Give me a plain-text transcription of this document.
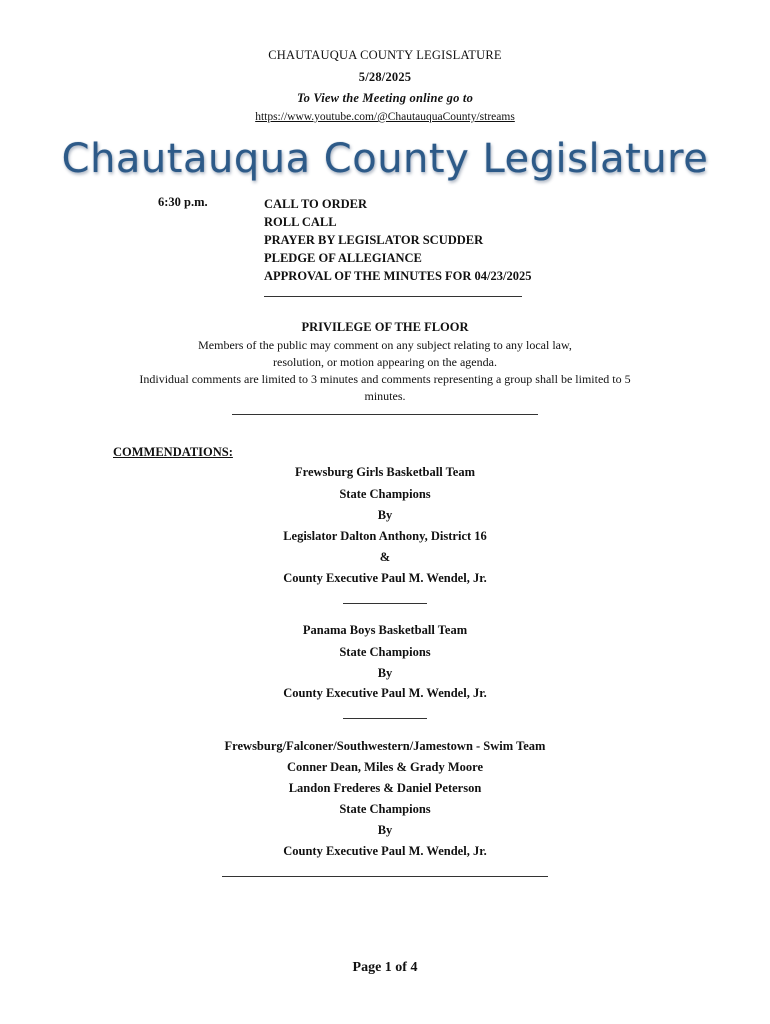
CHAUTAUQUA COUNTY LEGISLATURE
5/28/2025
To View the Meeting online go to
https://www.youtube.com/@ChautauquaCounty/streams
Chautauqua County Legislature
6:30 p.m.	CALL TO ORDER
ROLL CALL
PRAYER BY LEGISLATOR SCUDDER
PLEDGE OF ALLEGIANCE
APPROVAL OF THE MINUTES FOR 04/23/2025
PRIVILEGE OF THE FLOOR
Members of the public may comment on any subject relating to any local law,
resolution, or motion appearing on the agenda.
Individual comments are limited to 3 minutes and comments representing a group shall be limited to 5
minutes.
COMMENDATIONS:
Frewsburg Girls Basketball Team
State Champions
By
Legislator Dalton Anthony, District 16
&
County Executive Paul M. Wendel, Jr.
Panama Boys Basketball Team
State Champions
By
County Executive Paul M. Wendel, Jr.
Frewsburg/Falconer/Southwestern/Jamestown - Swim Team
Conner Dean, Miles & Grady Moore
Landon Frederes & Daniel Peterson
State Champions
By
County Executive Paul M. Wendel, Jr.
Page 1 of 4
